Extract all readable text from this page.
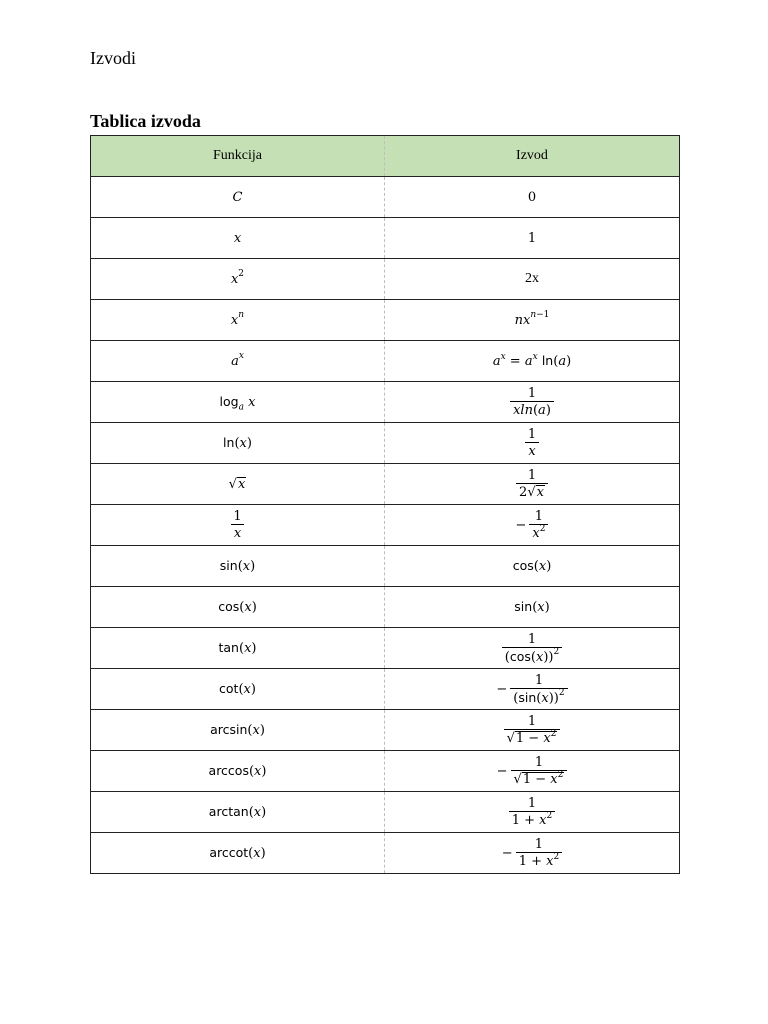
Izvodi
Tablica izvoda
Funkcija	Izvod
C	0
x	1
$x^2$	2x
$x^n$	$nx^{n-1}$
$a^x$	$a^x = a^x$ ln(a)
$\log_a x$	$\frac{1}{xln(a)}$

ln(x)	$\frac{1}{x}$

√ x	$\frac{1}{2 √ x}$

$\frac{1}{x}$	− $\frac{1}{x^2}$

sin(x)	cos(x)
cos(x)	sin(x)
tan(x)	$\frac{1}{(\cos(x))^2}$

cot(x)	− $\frac{1}{(\sin(x))^2}$

arcsin(x)	$\frac{1}{√ 1 - x^2}$

arccos(x)	− $\frac{1}{√ 1 - x^2}$

arctan(x)	$\frac{1}{1 + x^2}$

arccot(x)	− $\frac{1}{1 + x^2}$
